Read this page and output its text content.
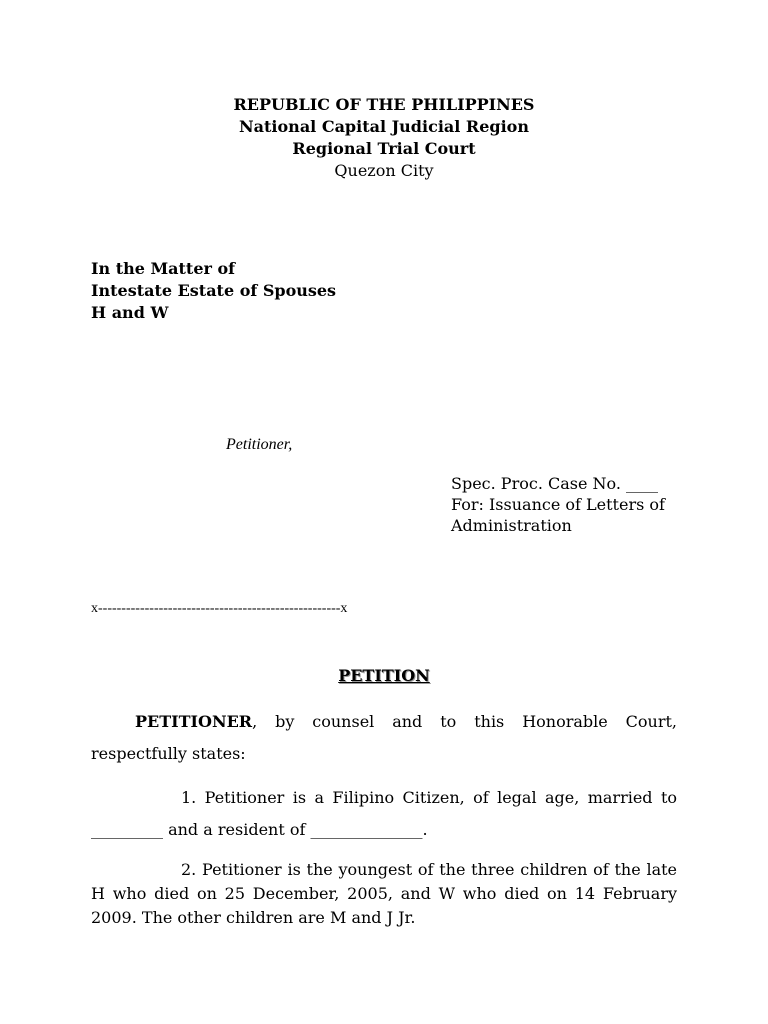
REPUBLIC OF THE PHILIPPINES
National Capital Judicial Region
Regional Trial Court
Quezon City
In the Matter of
Intestate Estate of Spouses
H and W
Petitioner,
Spec. Proc. Case No. ____
For: Issuance of Letters of
Administration
x----------------------------------------------------x
PETITION
PETITIONER, by counsel and to this Honorable Court, respectfully states:
1. Petitioner is a Filipino Citizen, of legal age, married to _________ and a resident of ______________.
2. Petitioner is the youngest of the three children of the late H who died on 25 December, 2005, and W who died on 14 February 2009. The other children are M and J Jr.
